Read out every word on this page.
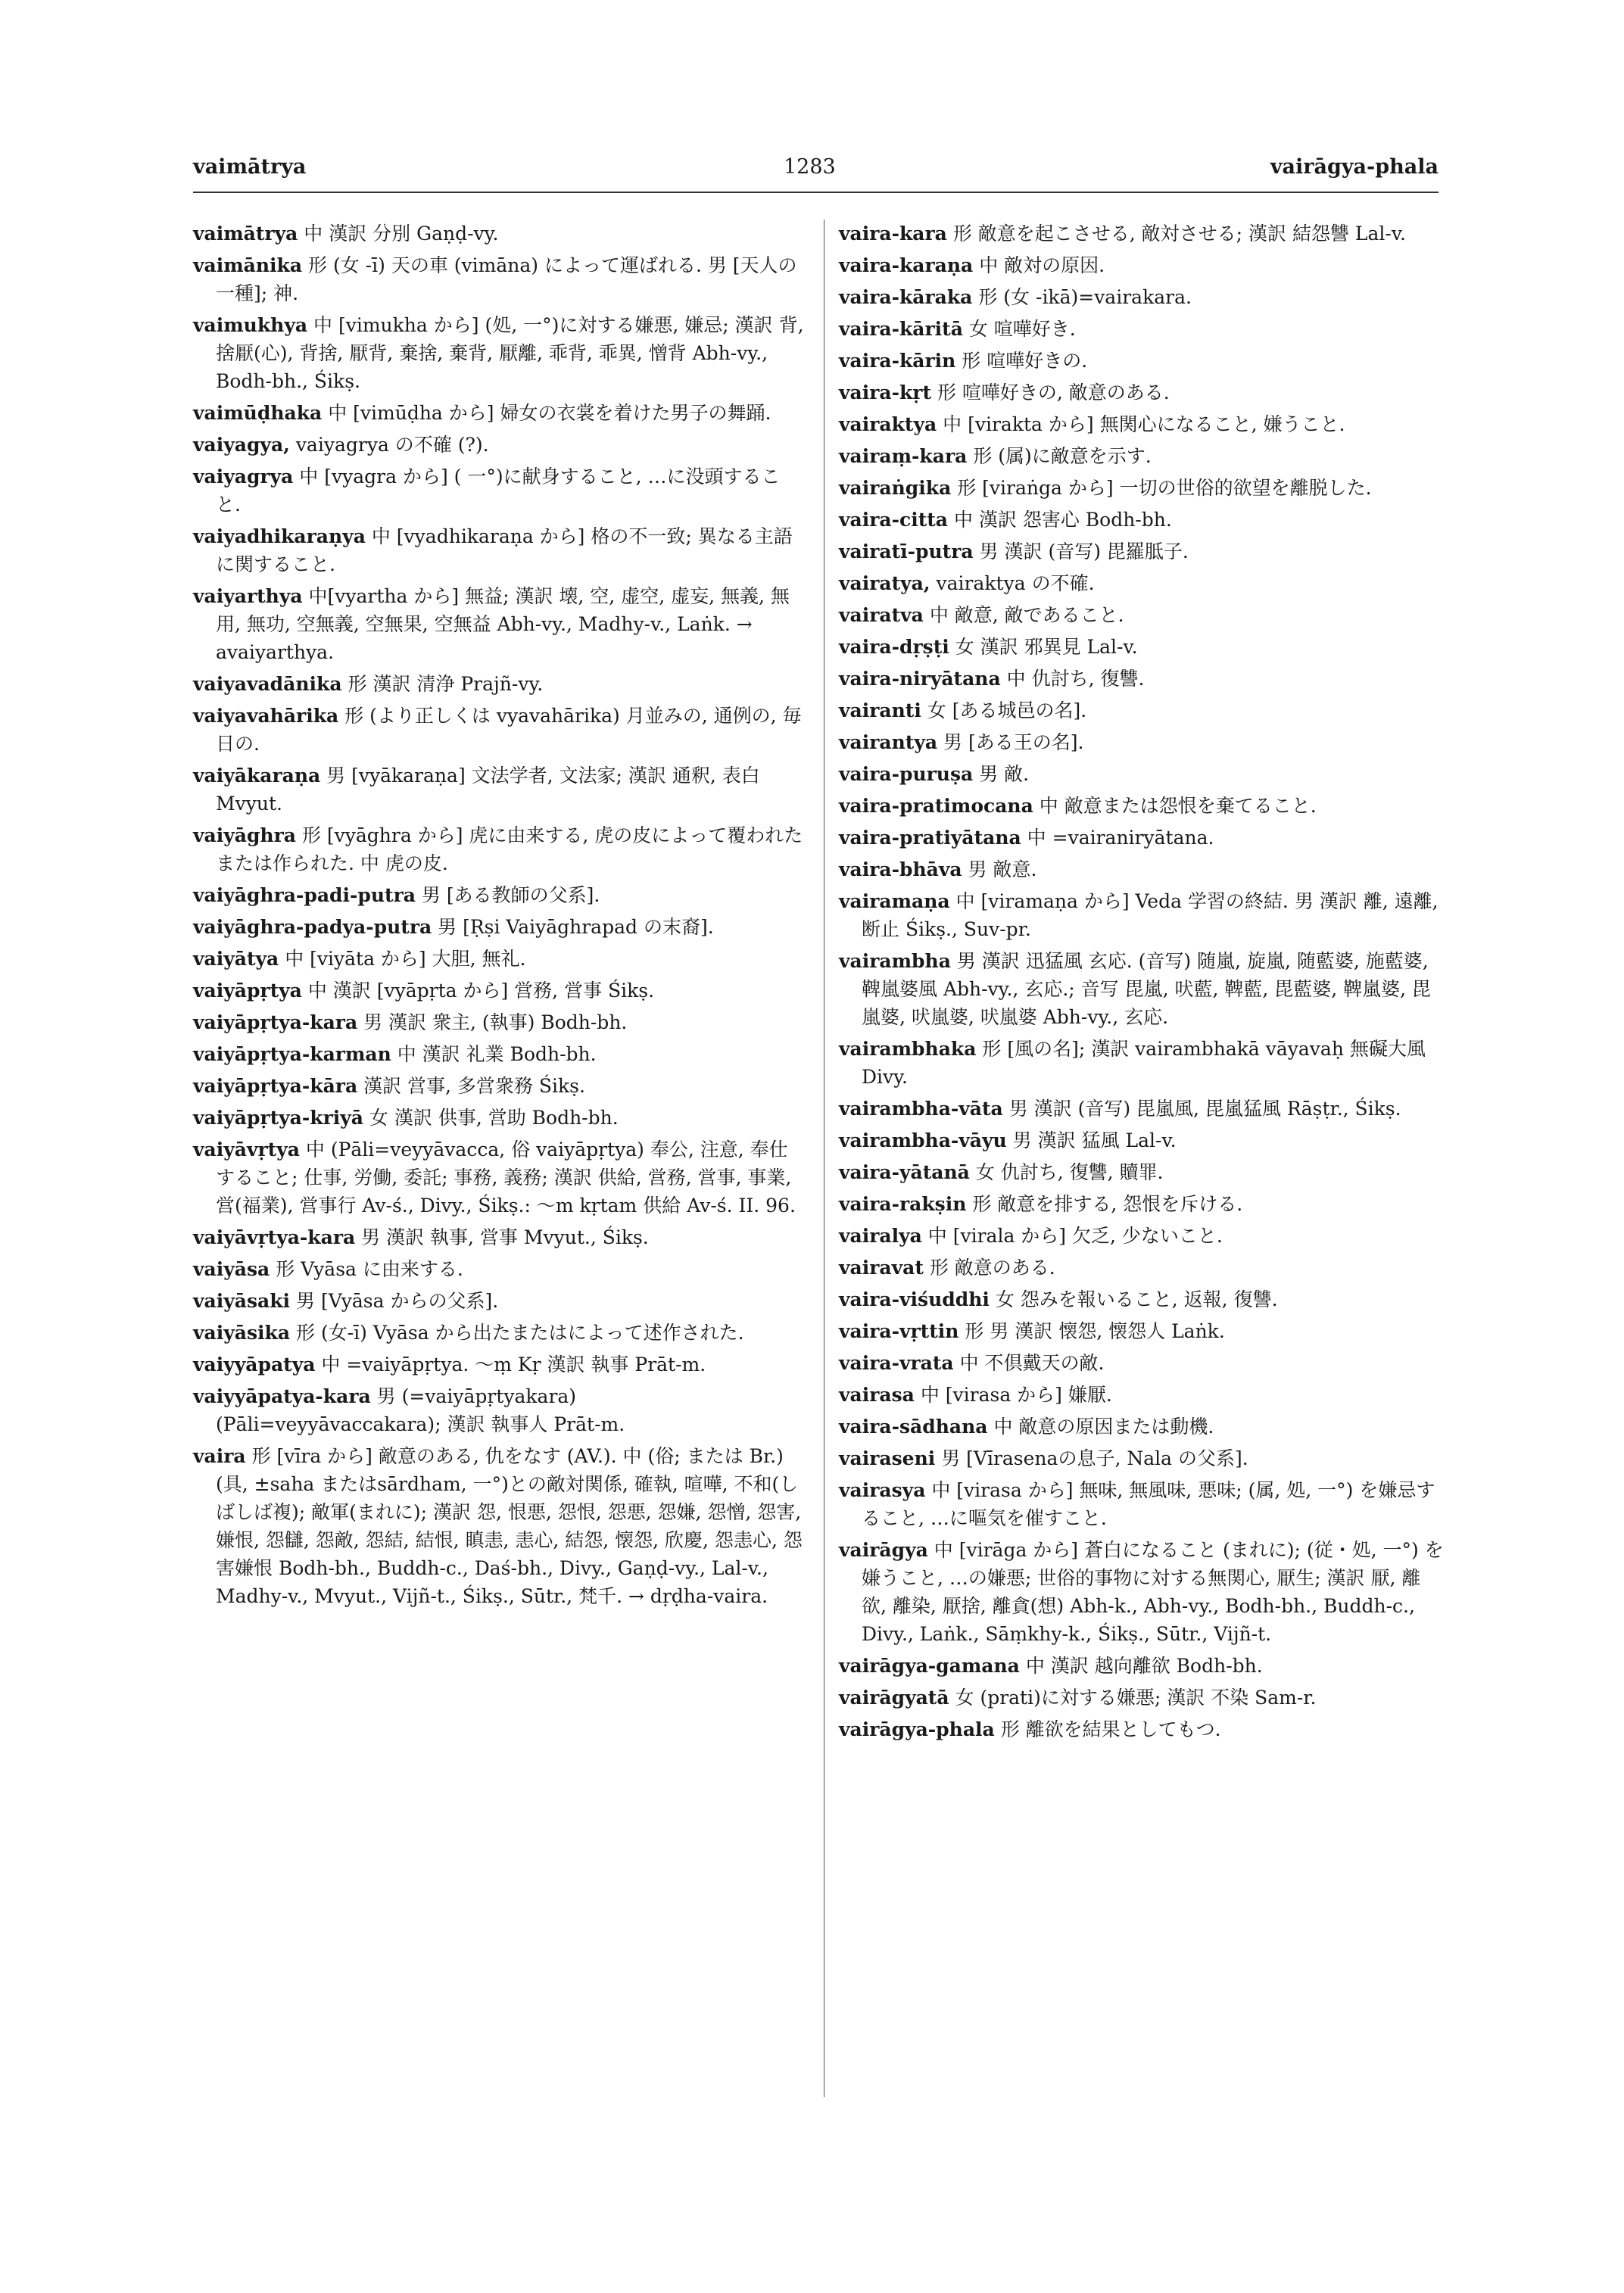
vaimātrya	1283	vairāgya-phala

vaimātrya 中 漢訳 分別 Gaṇḍ-vy.

vaimānika 形 (女 -ī) 天の車 (vimāna) によって運ばれる. 男 [天人の一種]; 神.

vaimukhya 中 [vimukha から] (処, 一°)に対する嫌悪, 嫌忌; 漢訳 背, 捨厭(心), 背捨, 厭背, 棄捨, 棄背, 厭離, 乖背, 乖異, 憎背 Abh-vy., Bodh-bh., Śikṣ.

vaimūḍhaka 中 [vimūḍha から] 婦女の衣裳を着けた男子の舞踊.

vaiyagya, vaiyagrya の不確 (?).

vaiyagrya 中 [vyagra から] ( 一°)に献身すること, …に没頭すること.

vaiyadhikaraṇya 中 [vyadhikaraṇa から] 格の不一致; 異なる主語に関すること.

vaiyarthya 中[vyartha から] 無益; 漢訳 壊, 空, 虚空, 虚妄, 無義, 無用, 無功, 空無義, 空無果, 空無益 Abh-vy., Madhy-v., Laṅk. → avaiyarthya.

vaiyavadānika 形 漢訳 清浄 Prajñ-vy.

vaiyavahārika 形 (より正しくは vyavahārika) 月並みの, 通例の, 毎日の.

vaiyākaraṇa 男 [vyākaraṇa] 文法学者, 文法家; 漢訳 通釈, 表白 Mvyut.

vaiyāghra 形 [vyāghra から] 虎に由来する, 虎の皮によって覆われたまたは作られた. 中 虎の皮.

vaiyāghra-padi-putra 男 [ある教師の父系].

vaiyāghra-padya-putra 男 [Ṛṣi Vaiyāghrapad の末裔].

vaiyātya 中 [viyāta から] 大胆, 無礼.

vaiyāpṛtya 中 漢訳 [vyāpṛta から] 営務, 営事 Śikṣ.

vaiyāpṛtya-kara 男 漢訳 衆主, (執事) Bodh-bh.

vaiyāpṛtya-karman 中 漢訳 礼業 Bodh-bh.

vaiyāpṛtya-kāra 漢訳 営事, 多営衆務 Śikṣ.

vaiyāpṛtya-kriyā 女 漢訳 供事, 営助 Bodh-bh.

vaiyāvṛtya 中 (Pāli=veyyāvacca, 俗 vaiyāpṛtya) 奉公, 注意, 奉仕すること; 仕事, 労働, 委託; 事務, 義務; 漢訳 供給, 営務, 営事, 事業, 営(福業), 営事行 Av-ś., Divy., Śikṣ.: ～m kṛtam 供給 Av-ś. II. 96.

vaiyāvṛtya-kara 男 漢訳 執事, 営事 Mvyut., Śikṣ.

vaiyāsa 形 Vyāsa に由来する.

vaiyāsaki 男 [Vyāsa からの父系].

vaiyāsika 形 (女-ī) Vyāsa から出たまたはによって述作された.

vaiyyāpatya 中 =vaiyāpṛtya. ～ṃ Kṛ 漢訳 執事 Prāt-m.

vaiyyāpatya-kara 男 (=vaiyāpṛtyakara) (Pāli=veyyāvaccakara); 漢訳 執事人 Prāt-m.

vaira 形 [vīra から] 敵意のある, 仇をなす (AV.). 中 (俗; または Br.)(具, ±saha またはsārdham, 一°)との敵対関係, 確執, 喧嘩, 不和(しばしば複); 敵軍(まれに); 漢訳 怨, 恨悪, 怨恨, 怨悪, 怨嫌, 怨憎, 怨害, 嫌恨, 怨讎, 怨敵, 怨結, 結恨, 瞋恚, 恚心, 結怨, 懐怨, 欣慶, 怨恚心, 怨害嫌恨 Bodh-bh., Buddh-c., Daś-bh., Divy., Gaṇḍ-vy., Lal-v., Madhy-v., Mvyut., Vijñ-t., Śikṣ., Sūtr., 梵千. → dṛḍha-vaira.

vaira-kara 形 敵意を起こさせる, 敵対させる; 漢訳 結怨讐 Lal-v.

vaira-karaṇa 中 敵対の原因.

vaira-kāraka 形 (女 -ikā)=vairakara.

vaira-kāritā 女 喧嘩好き.

vaira-kārin 形 喧嘩好きの.

vaira-kṛt 形 喧嘩好きの, 敵意のある.

vairaktya 中 [virakta から] 無関心になること, 嫌うこと.

vairaṃ-kara 形 (属)に敵意を示す.

vairaṅgika 形 [viraṅga から] 一切の世俗的欲望を離脱した.

vaira-citta 中 漢訳 怨害心 Bodh-bh.

vairatī-putra 男 漢訳 (音写) 毘羅胝子.

vairatya, vairaktya の不確.

vairatva 中 敵意, 敵であること.

vaira-dṛṣṭi 女 漢訳 邪異見 Lal-v.

vaira-niryātana 中 仇討ち, 復讐.

vairanti 女 [ある城邑の名].

vairantya 男 [ある王の名].

vaira-puruṣa 男 敵.

vaira-pratimocana 中 敵意または怨恨を棄てること.

vaira-pratiyātana 中 =vairaniryātana.

vaira-bhāva 男 敵意.

vairamaṇa 中 [viramaṇa から] Veda 学習の終結. 男 漢訳 離, 遠離, 断止 Śikṣ., Suv-pr.

vairambha 男 漢訳 迅猛風 玄応. (音写) 随嵐, 旋嵐, 随藍婆, 施藍婆, 鞞嵐婆風 Abh-vy., 玄応.; 音写 毘嵐, 吠藍, 鞞藍, 毘藍婆, 鞞嵐婆, 毘嵐婆, 吠嵐婆, 吠嵐婆 Abh-vy., 玄応.

vairambhaka 形 [風の名]; 漢訳 vairambhakā vāyavaḥ 無礙大風 Divy.

vairambha-vāta 男 漢訳 (音写) 毘嵐風, 毘嵐猛風 Rāṣṭr., Śikṣ.

vairambha-vāyu 男 漢訳 猛風 Lal-v.

vaira-yātanā 女 仇討ち, 復讐, 贖罪.

vaira-rakṣin 形 敵意を排する, 怨恨を斥ける.

vairalya 中 [virala から] 欠乏, 少ないこと.

vairavat 形 敵意のある.

vaira-viśuddhi 女 怨みを報いること, 返報, 復讐.

vaira-vṛttin 形 男 漢訳 懐怨, 懐怨人 Laṅk.

vaira-vrata 中 不倶戴天の敵.

vairasa 中 [virasa から] 嫌厭.

vaira-sādhana 中 敵意の原因または動機.

vairaseni 男 [Vīrasenaの息子, Nala の父系].

vairasya 中 [virasa から] 無味, 無風味, 悪味; (属, 処, 一°) を嫌忌すること, …に嘔気を催すこと.

vairāgya 中 [virāga から] 蒼白になること (まれに); (従・処, 一°) を嫌うこと, …の嫌悪; 世俗的事物に対する無関心, 厭生; 漢訳 厭, 離欲, 離染, 厭捨, 離貪(想) Abh-k., Abh-vy., Bodh-bh., Buddh-c., Divy., Laṅk., Sāṃkhy-k., Śikṣ., Sūtr., Vijñ-t.

vairāgya-gamana 中 漢訳 越向離欲 Bodh-bh.

vairāgyatā 女 (prati)に対する嫌悪; 漢訳 不染 Sam-r.

vairāgya-phala 形 離欲を結果としてもつ.
